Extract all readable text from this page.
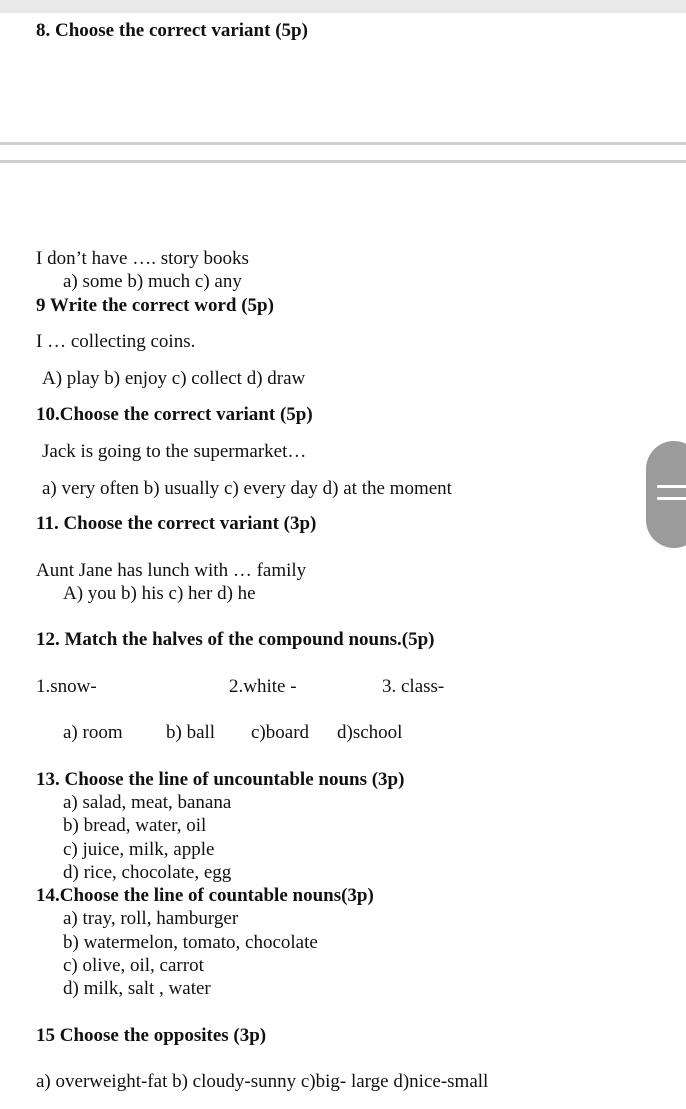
8. Choose the correct variant (5p)
I don’t have …. story books
a) some b) much c) any
9 Write the correct word (5p)
I … collecting coins.
A) play b) enjoy c) collect d) draw
10.Choose the correct variant (5p)
Jack is going to the supermarket…
a) very often b) usually c) every day d) at the moment
11. Choose the correct variant (3p)
Aunt Jane has lunch with … family
A) you b) his c) her d) he
12. Match the halves of the compound nouns.(5p)
1.snow-	2.white -	3. class-
a) room b) ball c)board d)school
13. Choose the line of uncountable nouns (3p)
a) salad, meat, banana
b) bread, water, oil
c) juice, milk, apple
d) rice, chocolate, egg
14.Choose the line of countable nouns(3p)
a) tray, roll, hamburger
b) watermelon, tomato, chocolate
c) olive, oil, carrot
d) milk, salt , water
15 Choose the opposites (3p)
a) overweight-fat b) cloudy-sunny c)big- large d)nice-small
